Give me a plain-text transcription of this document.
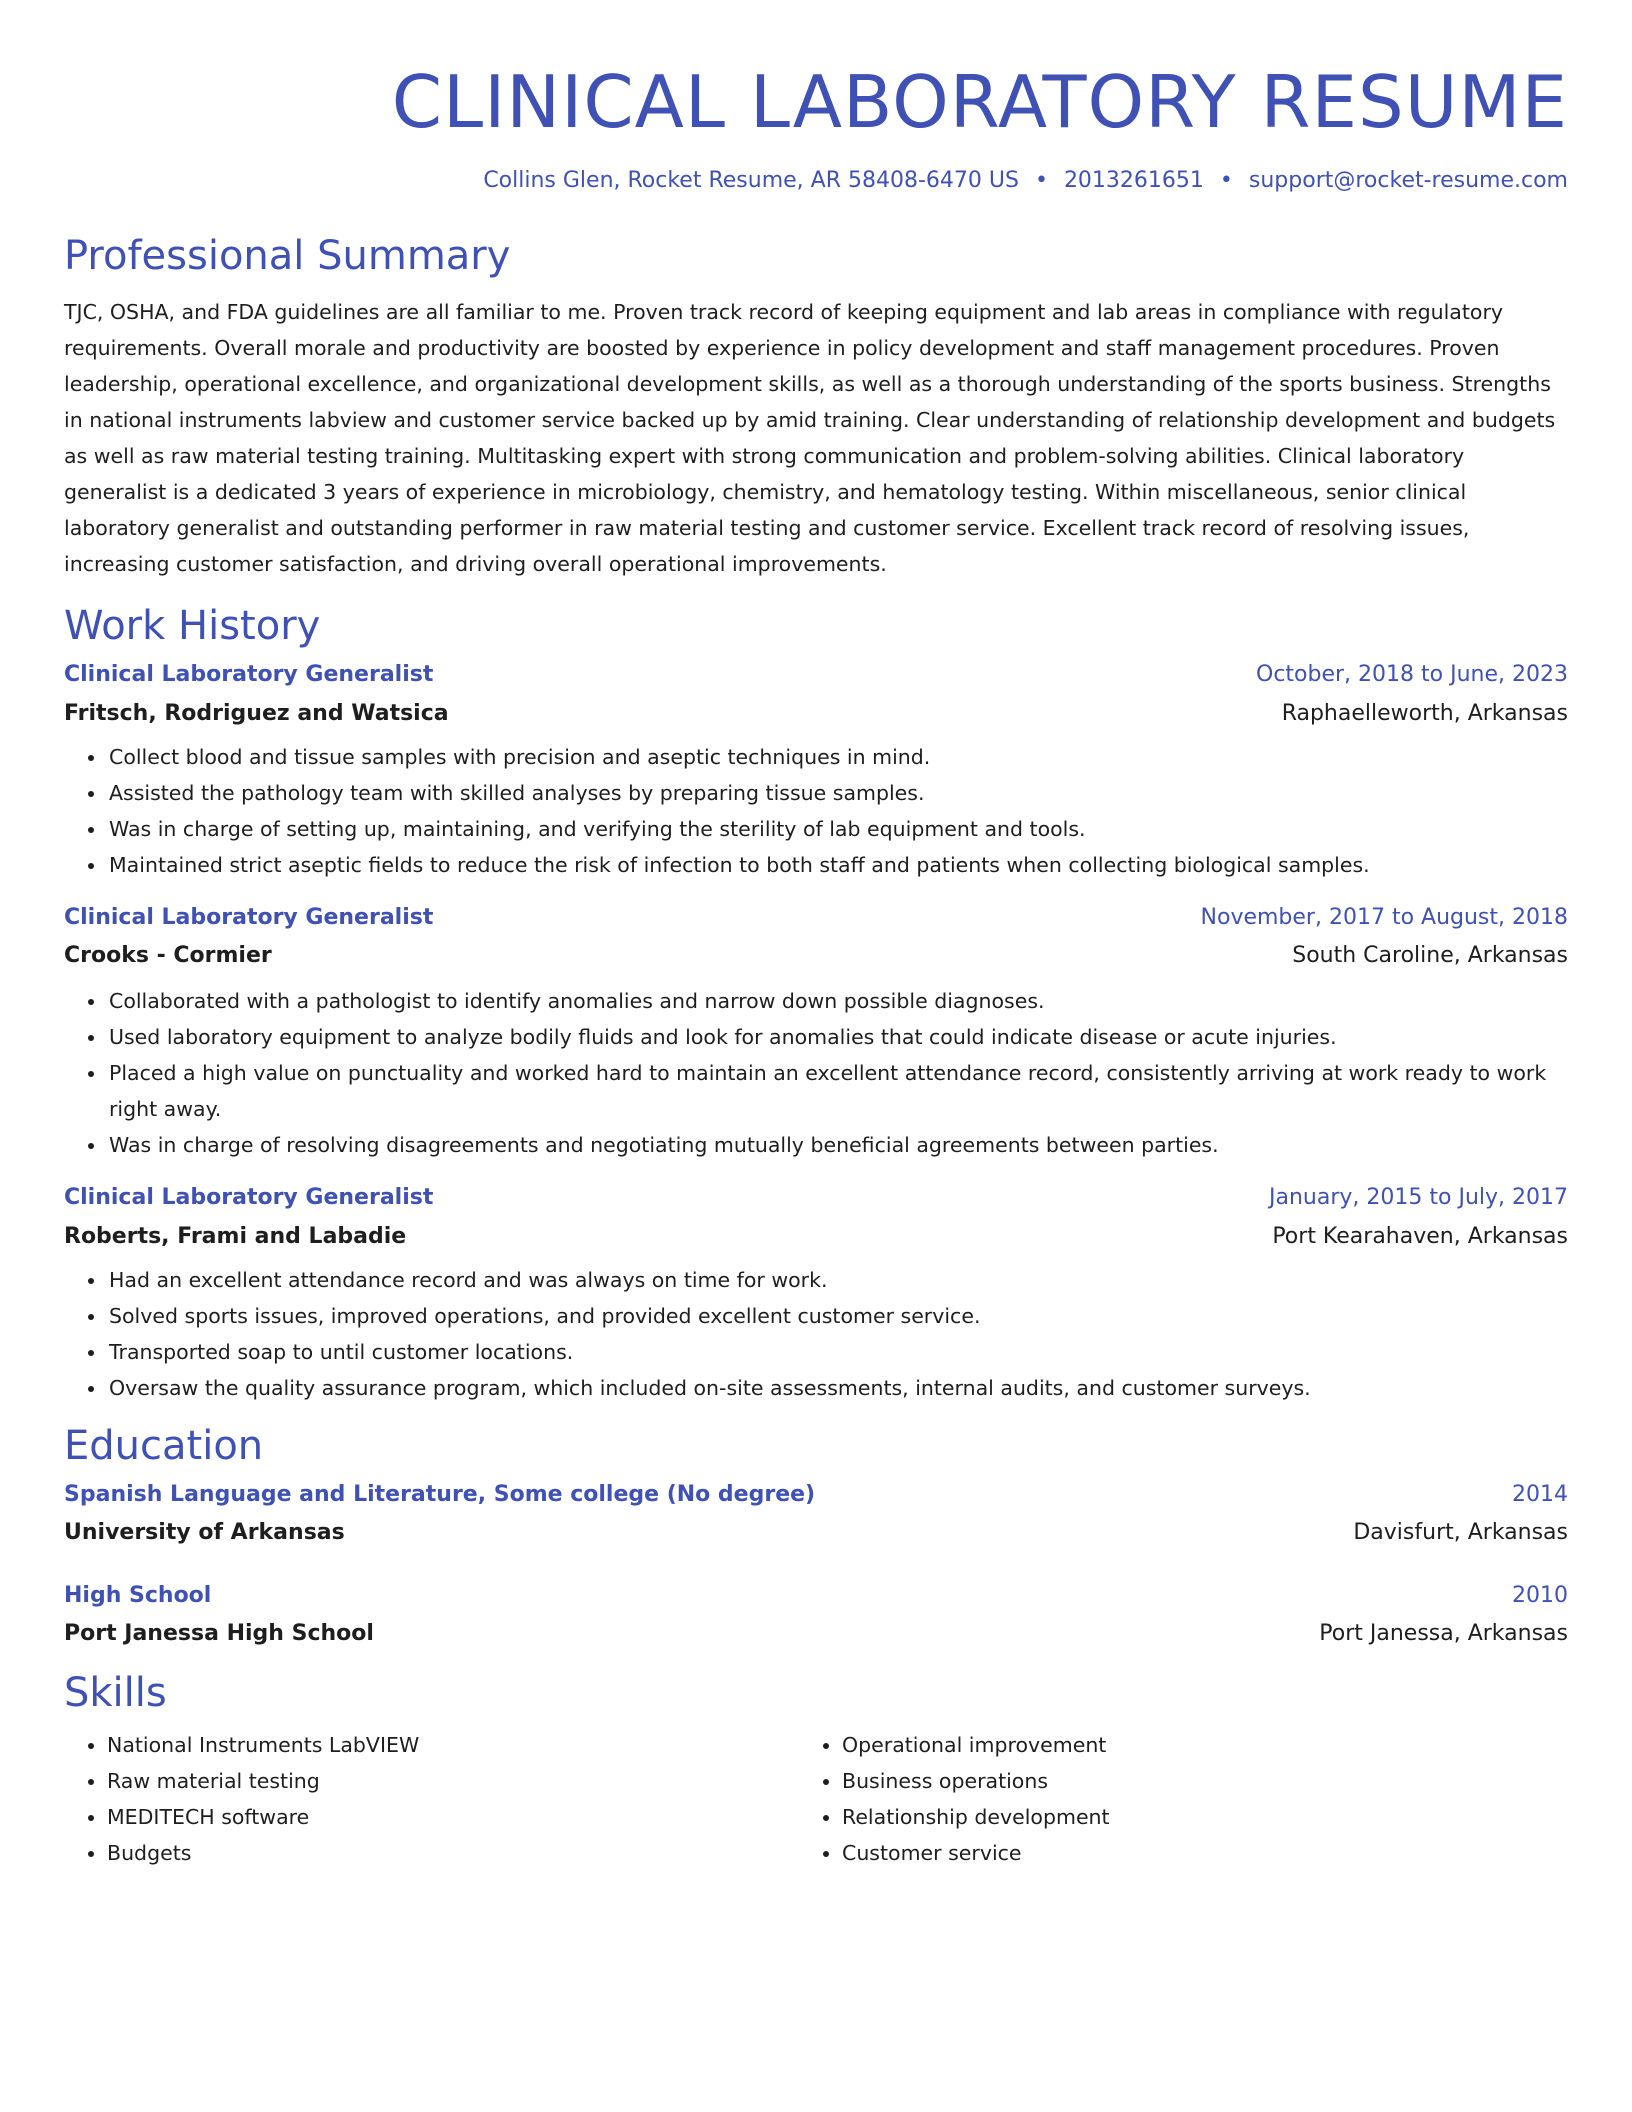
CLINICAL LABORATORY RESUME
Collins Glen, Rocket Resume, AR 58408-6470 US • 2013261651 • support@rocket-resume.com
Professional Summary
TJC, OSHA, and FDA guidelines are all familiar to me. Proven track record of keeping equipment and lab areas in compliance with regulatory requirements. Overall morale and productivity are boosted by experience in policy development and staff management procedures. Proven leadership, operational excellence, and organizational development skills, as well as a thorough understanding of the sports business. Strengths in national instruments labview and customer service backed up by amid training. Clear understanding of relationship development and budgets as well as raw material testing training. Multitasking expert with strong communication and problem-solving abilities. Clinical laboratory generalist is a dedicated 3 years of experience in microbiology, chemistry, and hematology testing. Within miscellaneous, senior clinical laboratory generalist and outstanding performer in raw material testing and customer service. Excellent track record of resolving issues, increasing customer satisfaction, and driving overall operational improvements.
Work History
Clinical Laboratory Generalist	October, 2018 to June, 2023
Fritsch, Rodriguez and Watsica	Raphaelleworth, Arkansas
• Collect blood and tissue samples with precision and aseptic techniques in mind.
• Assisted the pathology team with skilled analyses by preparing tissue samples.
• Was in charge of setting up, maintaining, and verifying the sterility of lab equipment and tools.
• Maintained strict aseptic fields to reduce the risk of infection to both staff and patients when collecting biological samples.
Clinical Laboratory Generalist	November, 2017 to August, 2018
Crooks - Cormier	South Caroline, Arkansas
• Collaborated with a pathologist to identify anomalies and narrow down possible diagnoses.
• Used laboratory equipment to analyze bodily fluids and look for anomalies that could indicate disease or acute injuries.
• Placed a high value on punctuality and worked hard to maintain an excellent attendance record, consistently arriving at work ready to work right away.
• Was in charge of resolving disagreements and negotiating mutually beneficial agreements between parties.
Clinical Laboratory Generalist	January, 2015 to July, 2017
Roberts, Frami and Labadie	Port Kearahaven, Arkansas
• Had an excellent attendance record and was always on time for work.
• Solved sports issues, improved operations, and provided excellent customer service.
• Transported soap to until customer locations.
• Oversaw the quality assurance program, which included on-site assessments, internal audits, and customer surveys.
Education
Spanish Language and Literature, Some college (No degree)	2014
University of Arkansas	Davisfurt, Arkansas
High School	2010
Port Janessa High School	Port Janessa, Arkansas
Skills
• National Instruments LabVIEW
• Raw material testing
• MEDITECH software
• Budgets
• Operational improvement
• Business operations
• Relationship development
• Customer service
